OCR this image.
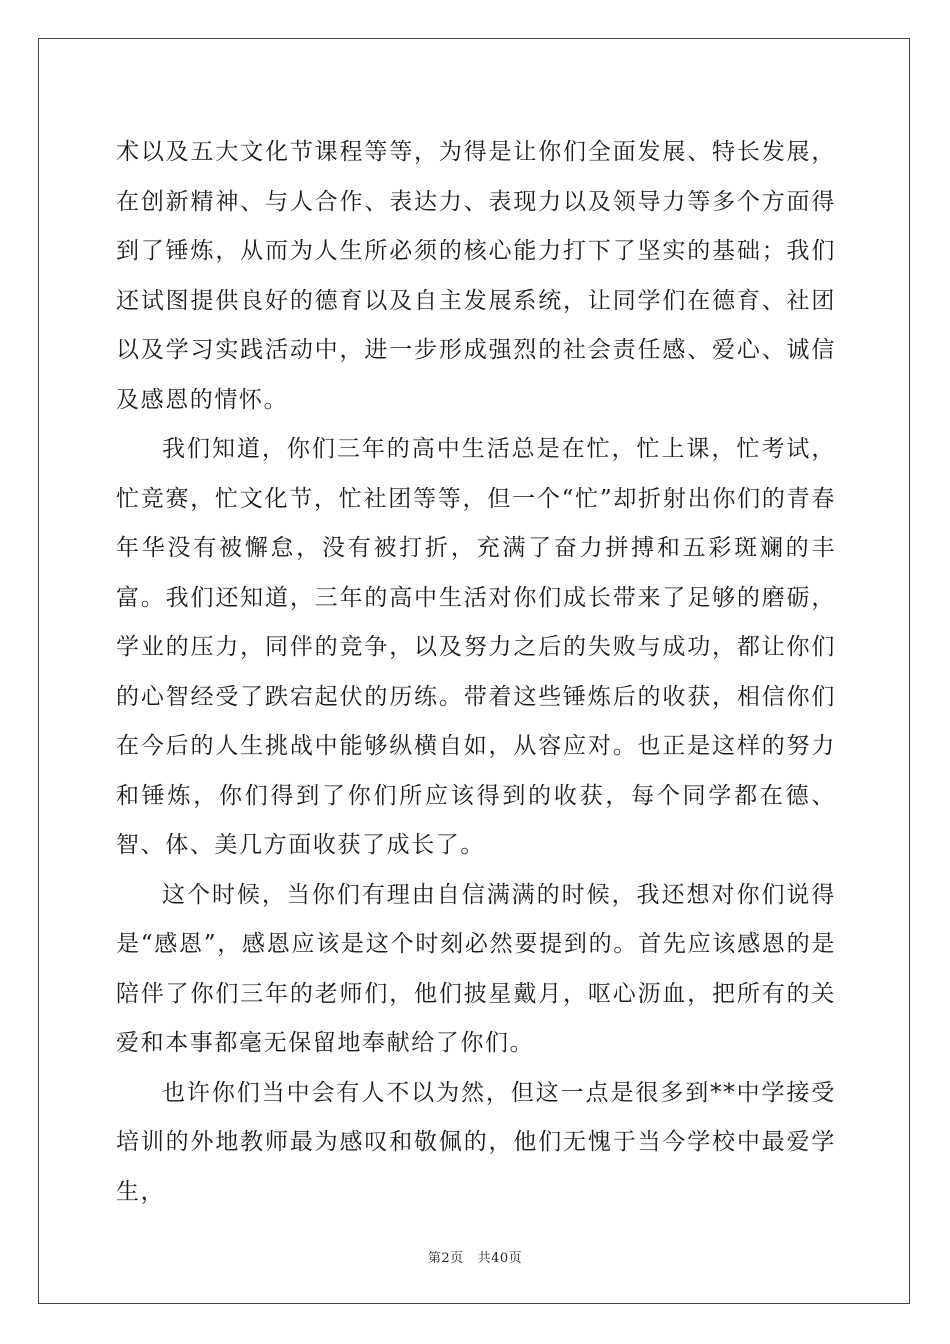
术以及五大文化节课程等等，为得是让你们全面发展、特长发展，在创新精神、与人合作、表达力、表现力以及领导力等多个方面得到了锤炼，从而为人生所必须的核心能力打下了坚实的基础；我们还试图提供良好的德育以及自主发展系统，让同学们在德育、社团以及学习实践活动中，进一步形成强烈的社会责任感、爱心、诚信及感恩的情怀。

我们知道，你们三年的高中生活总是在忙，忙上课，忙考试，忙竞赛，忙文化节，忙社团等等，但一个“忙”却折射出你们的青春年华没有被懈怠，没有被打折，充满了奋力拼搏和五彩斑斓的丰富。我们还知道，三年的高中生活对你们成长带来了足够的磨砺，学业的压力，同伴的竞争，以及努力之后的失败与成功，都让你们的心智经受了跌宕起伏的历练。带着这些锤炼后的收获，相信你们在今后的人生挑战中能够纵横自如，从容应对。也正是这样的努力和锤炼，你们得到了你们所应该得到的收获，每个同学都在德、智、体、美几方面收获了成长了。

这个时候，当你们有理由自信满满的时候，我还想对你们说得是“感恩”，感恩应该是这个时刻必然要提到的。首先应该感恩的是陪伴了你们三年的老师们，他们披星戴月，呕心沥血，把所有的关爱和本事都毫无保留地奉献给了你们。

也许你们当中会有人不以为然，但这一点是很多到**中学接受培训的外地教师最为感叹和敬佩的，他们无愧于当今学校中最爱学生，

第2页 共40页
